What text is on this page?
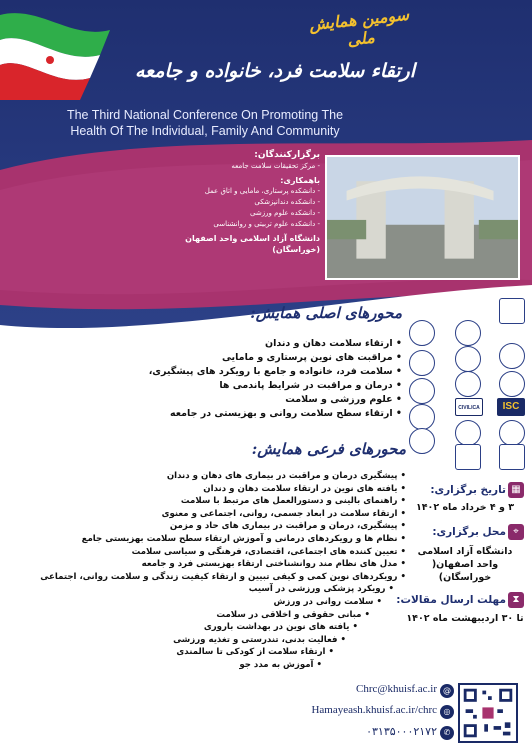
سومین همایش ملی
ارتقاء سلامت فرد، خانواده و جامعه
The Third National Conference On Promoting The
Health Of The Individual, Family And Community
برگزارکنندگان:
- مرکز تحقیقات سلامت جامعه
باهمکاری:
- دانشکده پرستاری، مامایی و اتاق عمل
- دانشکده دندانپزشکی
- دانشکده علوم ورزشی
- دانشکده علوم تربیتی و روانشناسی
دانشگاه آزاد اسلامی واحد اصفهان (خوراسگان)
محورهای اصلی همایش:
• ارتقاء سلامت دهان و دندان
• مراقبت های نوین پرستاری و مامایی
• سلامت فرد، خانواده و جامع با رویکرد های پیشگیری،
• درمان و مراقبت در شرایط پاندمی ها
• علوم ورزشی و سلامت
• ارتقاء سطح سلامت روانی و بهزیستی در جامعه
محورهای فرعی همایش:
• پیشگیری درمان و مراقبت در بیماری های دهان و دندان
• یافته های نوین در ارتقاء سلامت دهان و دندان
• راهنمای بالینی و دستورالعمل های مرتبط با سلامت
• ارتقاء سلامت در ابعاد جسمی، روانی، اجتماعی و معنوی
• پیشگیری، درمان و مراقبت در بیماری های حاد و مزمن
• نظام ها و رویکردهای درمانی و آموزش ارتقاء سطح سلامت بهزیستی جامع
• تعیین کننده های اجتماعی، اقتصادی، فرهنگی و سیاسی سلامت
• مدل های نظام مند روانشناختی ارتقاء بهزیستی فرد و جامعه
• رویکردهای نوین کمی و کیفی تبیین و ارتقاء کیفیت زندگی و سلامت روانی، اجتماعی
• رویکرد پزشکی ورزشی در آسیب
• سلامت روانی در ورزش
• مبانی حقوقی و اخلاقی در سلامت
• یافته های نوین در بهداشت باروری
• فعالیت بدنی، تندرستی و تغذیه ورزشی
• ارتقاء سلامت از کودکی تا سالمندی
• آموزش به مدد جو
ISC
CIVILICA
▦
تاریخ برگزاری:
۳ و ۴ خرداد ماه ۱۴۰۲
⌖
محل برگزاری:
دانشگاه آزاد اسلامی
واحد اصفهان( خوراسگان)
⧗
مهلت ارسال مقالات:
تا ۳۰ اردیبهشت ماه ۱۴۰۲
Chrc@khuisf.ac.ir @
Hamayeash.khuisf.ac.ir/chrc ◎
۰۳۱۳۵۰۰۰۲۱۷۲ ✆
